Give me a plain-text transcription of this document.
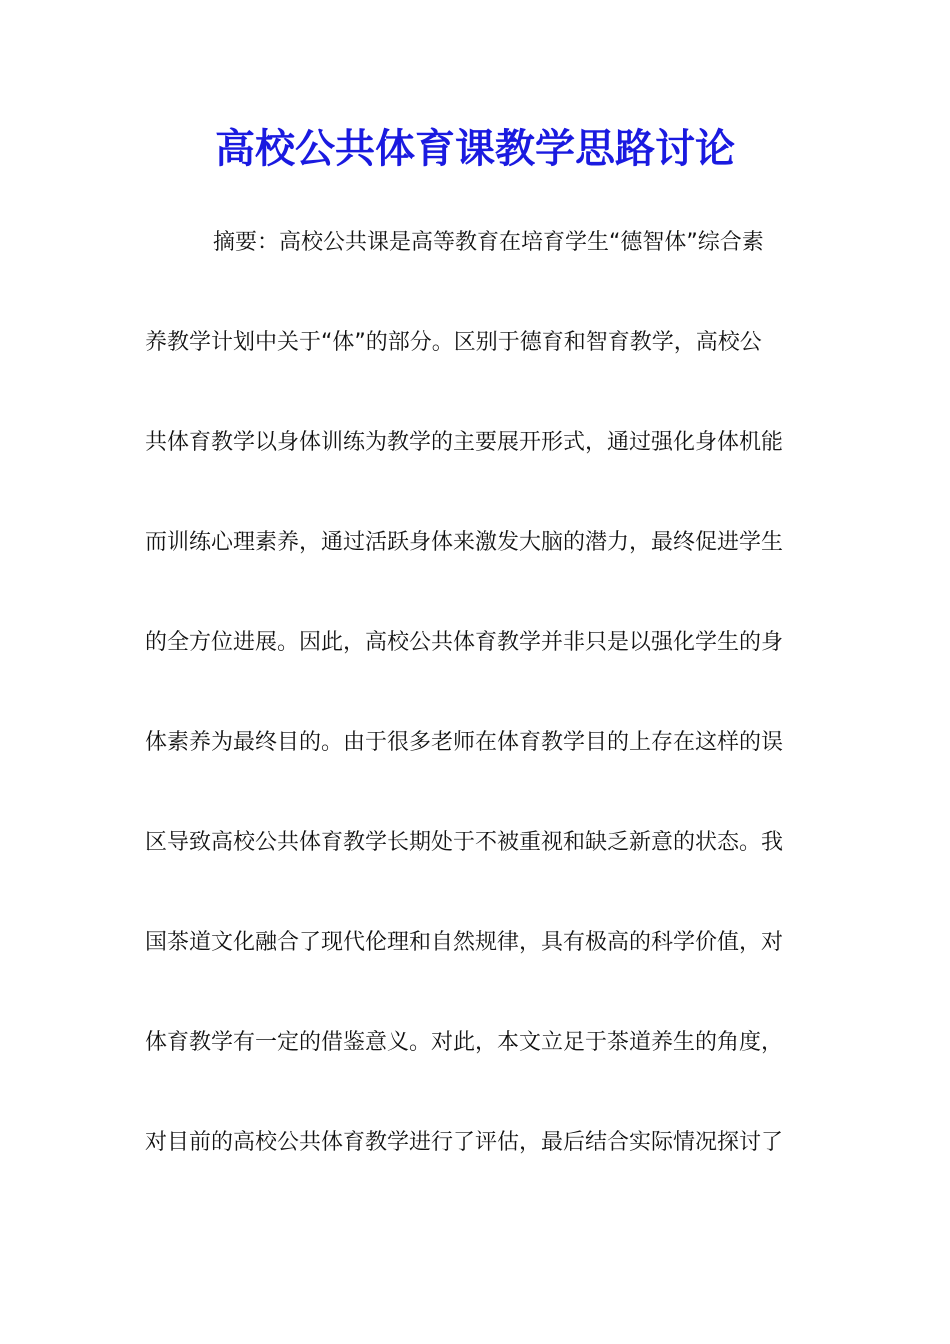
高校公共体育课教学思路讨论
摘要：高校公共课是高等教育在培育学生“德智体”综合素
养教学计划中关于“体”的部分。区别于德育和智育教学，高校公
共体育教学以身体训练为教学的主要展开形式，通过强化身体机能
而训练心理素养，通过活跃身体来激发大脑的潜力，最终促进学生
的全方位进展。因此，高校公共体育教学并非只是以强化学生的身
体素养为最终目的。由于很多老师在体育教学目的上存在这样的误
区导致高校公共体育教学长期处于不被重视和缺乏新意的状态。我
国茶道文化融合了现代伦理和自然规律，具有极高的科学价值，对
体育教学有一定的借鉴意义。对此，本文立足于茶道养生的角度，
对目前的高校公共体育教学进行了评估，最后结合实际情况探讨了
